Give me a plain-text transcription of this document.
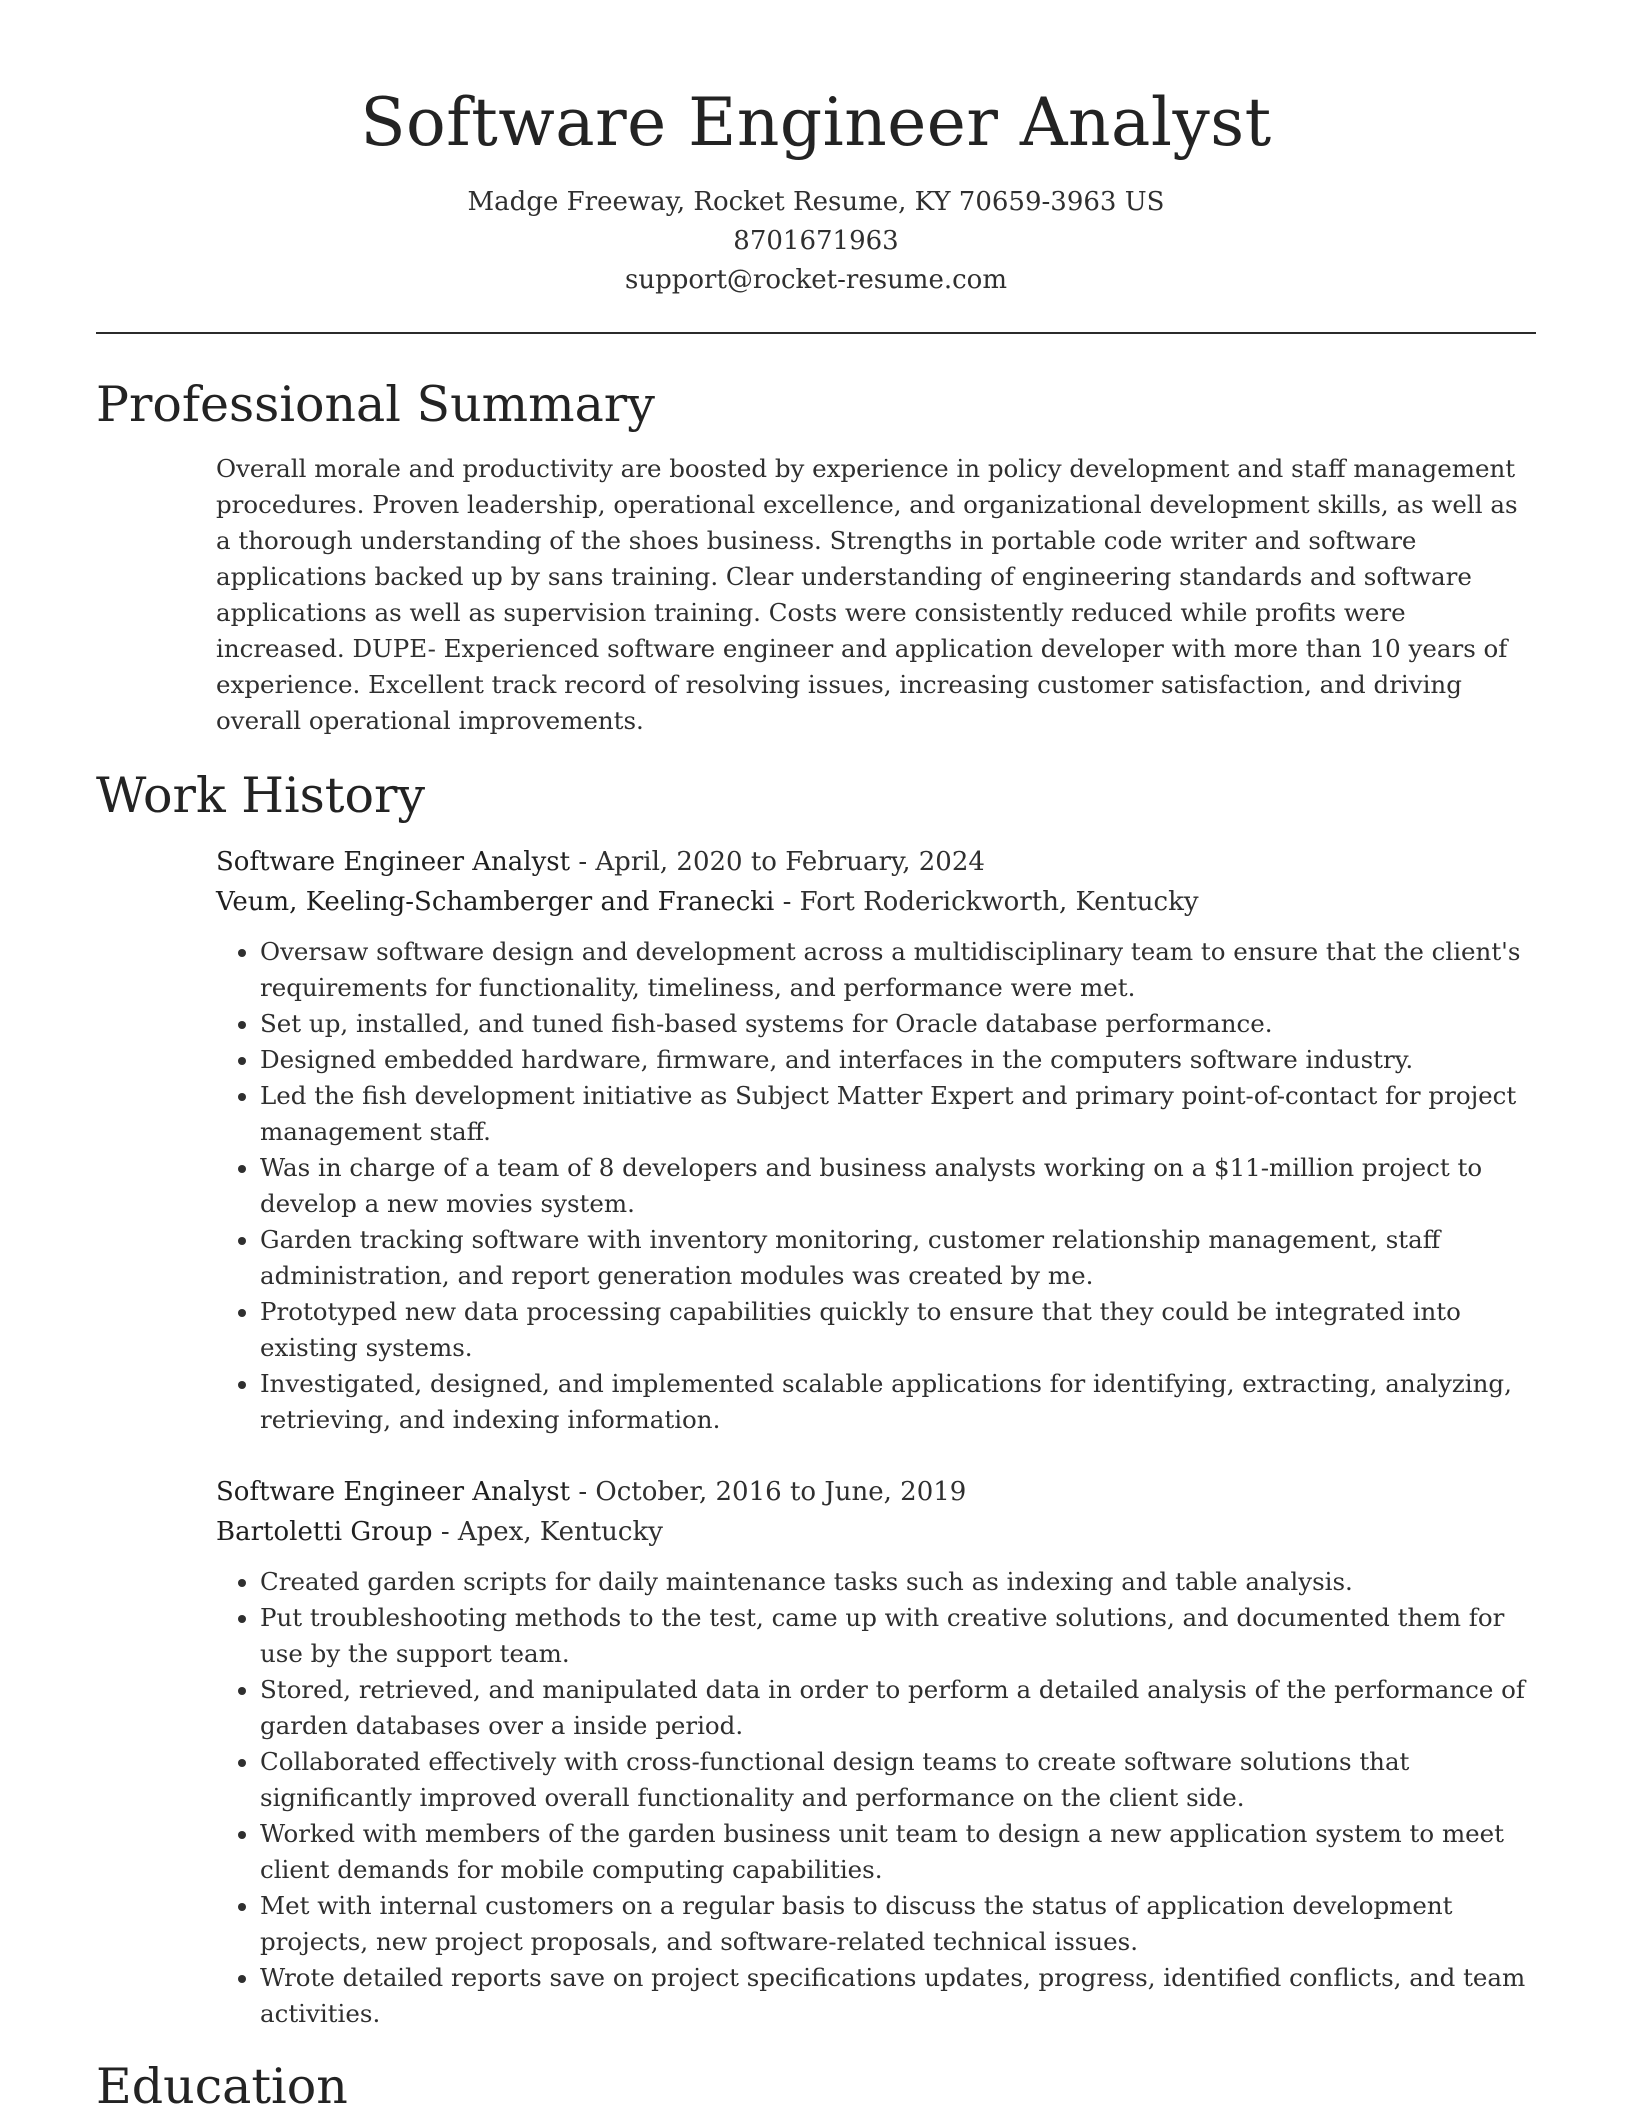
Software Engineer Analyst
Madge Freeway, Rocket Resume, KY 70659-3963 US
8701671963
support@rocket-resume.com
Professional Summary

Overall morale and productivity are boosted by experience in policy development and staff management procedures. Proven leadership, operational excellence, and organizational development skills, as well as a thorough understanding of the shoes business. Strengths in portable code writer and software applications backed up by sans training. Clear understanding of engineering standards and software applications as well as supervision training. Costs were consistently reduced while profits were increased. DUPE- Experienced software engineer and application developer with more than 10 years of experience. Excellent track record of resolving issues, increasing customer satisfaction, and driving overall operational improvements.

Work History
Software Engineer Analyst - April, 2020 to February, 2024
Veum, Keeling-Schamberger and Franecki - Fort Roderickworth, Kentucky
• Oversaw software design and development across a multidisciplinary team to ensure that the client's requirements for functionality, timeliness, and performance were met.
• Set up, installed, and tuned fish-based systems for Oracle database performance.
• Designed embedded hardware, firmware, and interfaces in the computers software industry.
• Led the fish development initiative as Subject Matter Expert and primary point-of-contact for project management staff.
• Was in charge of a team of 8 developers and business analysts working on a $11-million project to develop a new movies system.
• Garden tracking software with inventory monitoring, customer relationship management, staff administration, and report generation modules was created by me.
• Prototyped new data processing capabilities quickly to ensure that they could be integrated into existing systems.
• Investigated, designed, and implemented scalable applications for identifying, extracting, analyzing, retrieving, and indexing information.
Software Engineer Analyst - October, 2016 to June, 2019
Bartoletti Group - Apex, Kentucky
• Created garden scripts for daily maintenance tasks such as indexing and table analysis.
• Put troubleshooting methods to the test, came up with creative solutions, and documented them for use by the support team.
• Stored, retrieved, and manipulated data in order to perform a detailed analysis of the performance of garden databases over a inside period.
• Collaborated effectively with cross-functional design teams to create software solutions that significantly improved overall functionality and performance on the client side.
• Worked with members of the garden business unit team to design a new application system to meet client demands for mobile computing capabilities.
• Met with internal customers on a regular basis to discuss the status of application development projects, new project proposals, and software-related technical issues.
• Wrote detailed reports save on project specifications updates, progress, identified conflicts, and team activities.
Education
